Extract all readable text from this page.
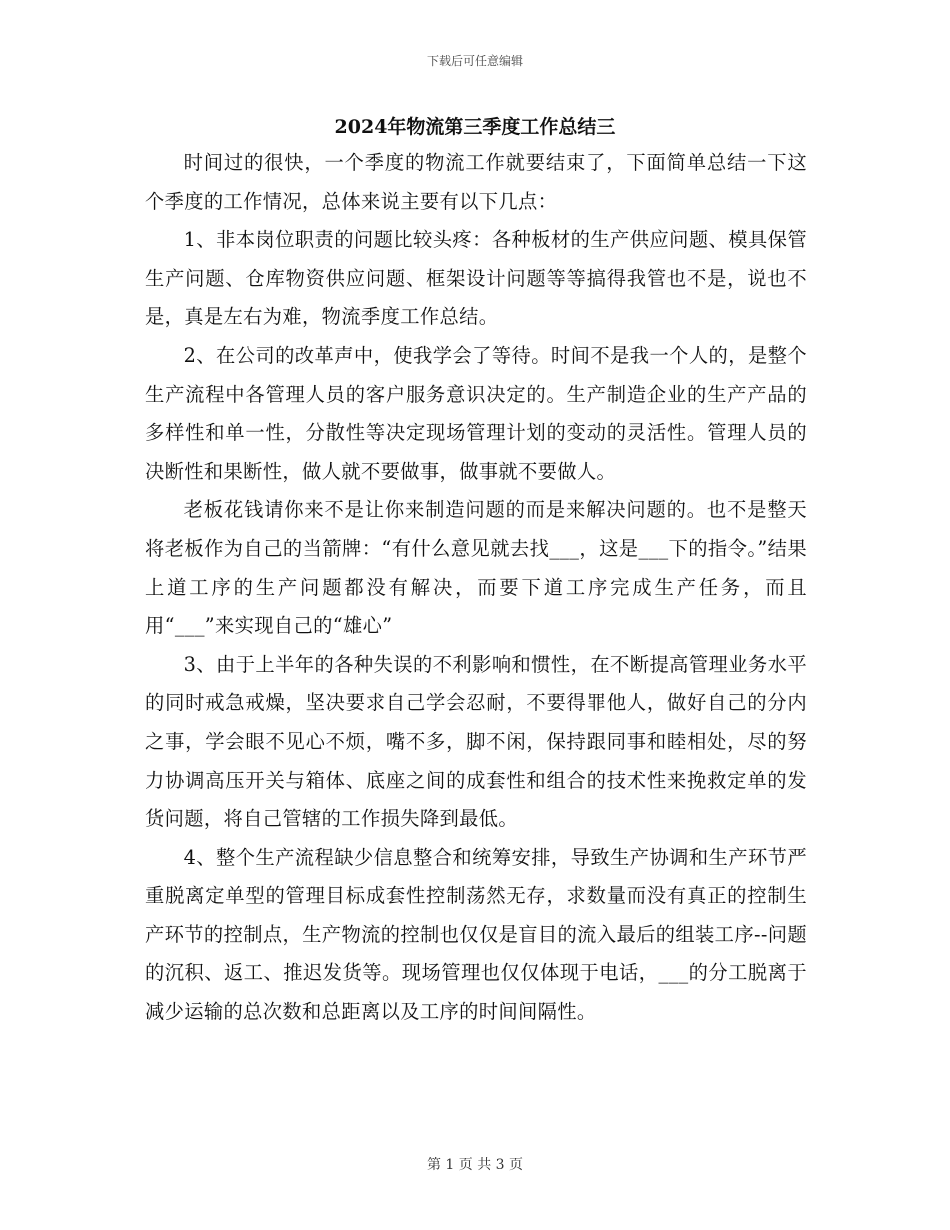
下载后可任意编辑
2024年物流第三季度工作总结三

时间过的很快，一个季度的物流工作就要结束了，下面简单总结一下这个季度的工作情况，总体来说主要有以下几点：

1、非本岗位职责的问题比较头疼：各种板材的生产供应问题、模具保管生产问题、仓库物资供应问题、框架设计问题等等搞得我管也不是，说也不是，真是左右为难，物流季度工作总结。

2、在公司的改革声中，使我学会了等待。时间不是我一个人的，是整个生产流程中各管理人员的客户服务意识决定的。生产制造企业的生产产品的多样性和单一性，分散性等决定现场管理计划的变动的灵活性。管理人员的决断性和果断性，做人就不要做事，做事就不要做人。

老板花钱请你来不是让你来制造问题的而是来解决问题的。也不是整天将老板作为自己的当箭牌：“有什么意见就去找___，这是___下的指令。”结果上道工序的生产问题都没有解决，而要下道工序完成生产任务，而且用“___”来实现自己的“雄心”

3、由于上半年的各种失误的不利影响和惯性，在不断提高管理业务水平的同时戒急戒燥，坚决要求自己学会忍耐，不要得罪他人，做好自己的分内之事，学会眼不见心不烦，嘴不多，脚不闲，保持跟同事和睦相处，尽的努力协调高压开关与箱体、底座之间的成套性和组合的技术性来挽救定单的发货问题，将自己管辖的工作损失降到最低。

4、整个生产流程缺少信息整合和统筹安排，导致生产协调和生产环节严重脱离定单型的管理目标成套性控制荡然无存，求数量而没有真正的控制生产环节的控制点，生产物流的控制也仅仅是盲目的流入最后的组装工序--问题的沉积、返工、推迟发货等。现场管理也仅仅体现于电话，___的分工脱离于减少运输的总次数和总距离以及工序的时间间隔性。

第 1 页 共 3 页
